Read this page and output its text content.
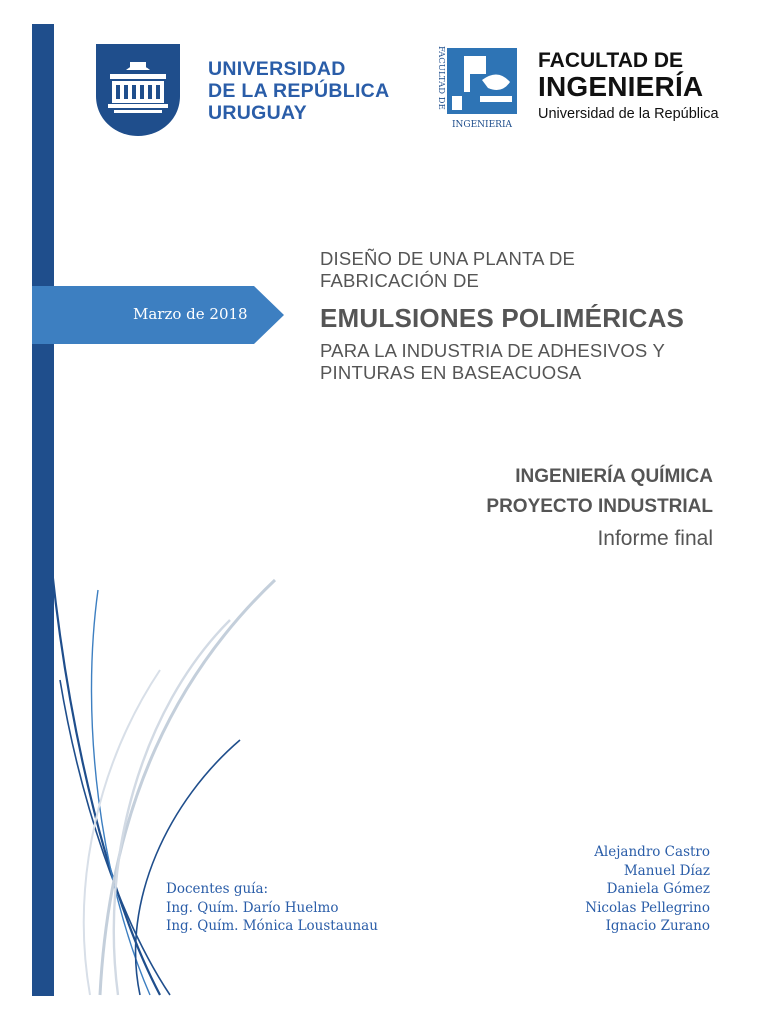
UNIVERSIDAD
DE LA REPÚBLICA
URUGUAY
FACULTAD DE
INGENIERIA
FACULTAD DE
INGENIERÍA
Universidad de la República
Marzo de 2018
DISEÑO DE UNA PLANTA DE
FABRICACIÓN DE
EMULSIONES POLIMÉRICAS
PARA LA INDUSTRIA DE ADHESIVOS Y
PINTURAS EN BASEACUOSA
INGENIERÍA QUÍMICA
PROYECTO INDUSTRIAL
Informe final
Docentes guía:
Ing. Quím. Darío Huelmo
Ing. Quím. Mónica Loustaunau
Alejandro Castro
Manuel Díaz
Daniela Gómez
Nicolas Pellegrino
Ignacio Zurano
